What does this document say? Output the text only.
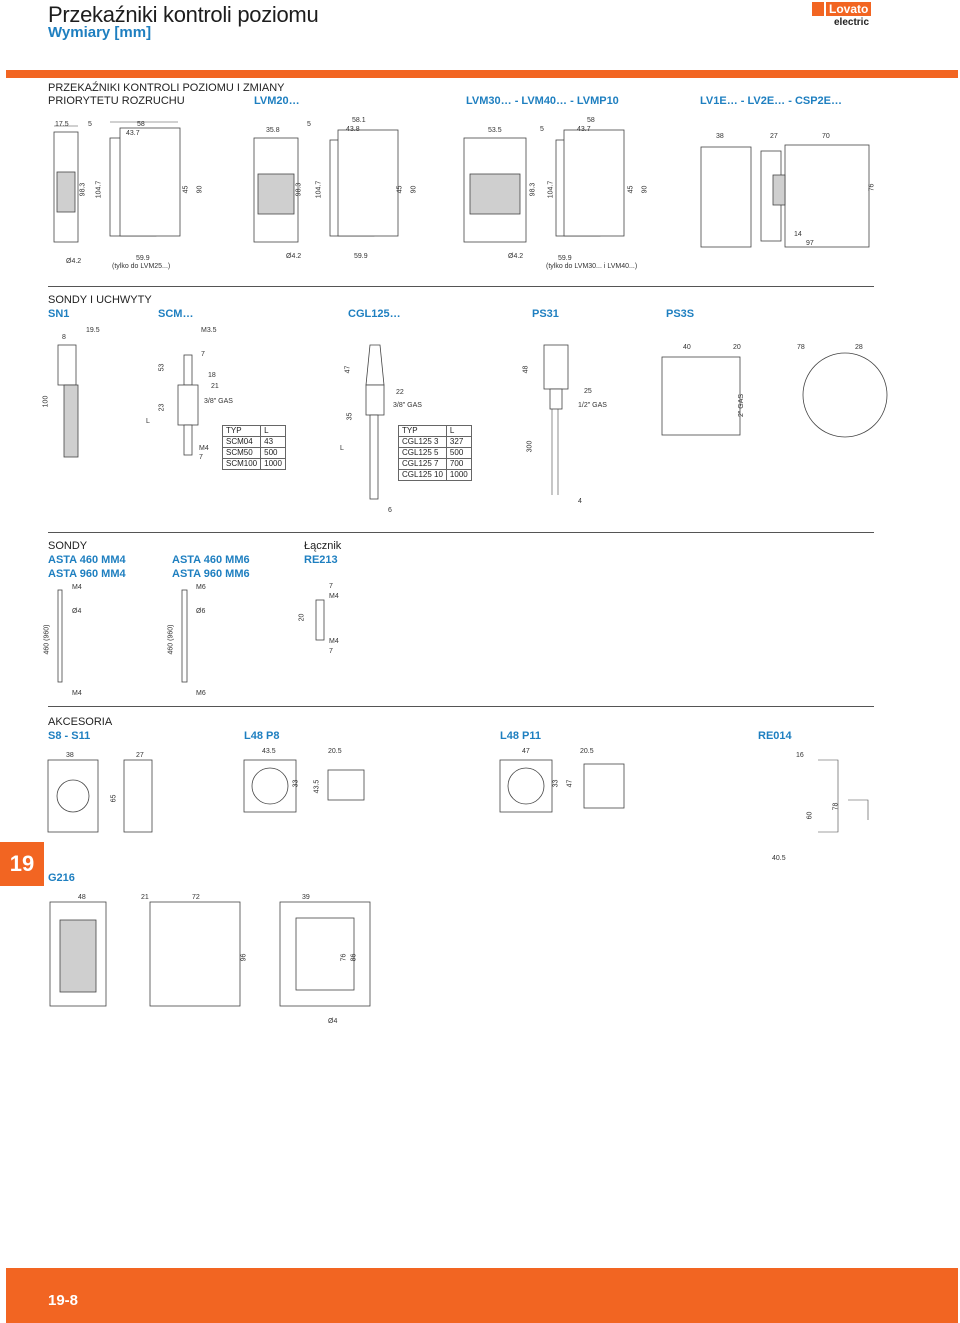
Przekaźniki kontroli poziomu
Wymiary [mm]
Lovato
electric
PRZEKAŹNIKI KONTROLI POZIOMU I ZMIANY
PRIORYTETU ROZRUCHU	LVM20…	LVM30… - LVM40… - LVMP10	LV1E… - LV2E… - CSP2E…
17.5	5	58
43.7
98.3 104.7	45 90
Ø4.2	59.9
(tylko do LVM25...)
35.8
5
58.1
43.8
98.3 104.7	45 90
Ø4.2	59.9
53.5	5
58
43.7
98.3 104.7	45 90
Ø4.2	59.9
(tylko do LVM30... i LVM40...)
38	27	70
76
14
97
SONDY I UCHWYTY
SN1	SCM…	CGL125…	PS31	PS3S
8
19.5
100
M3.5
7
53
18
21
23
3/8" GAS
M4
7
L
TYP	L
SCM04	43
SCM50	500
SCM100	1000
47
22
3/8" GAS
35
L
6
TYP	L
CGL125 3	327
CGL125 5	500
CGL125 7	700
CGL125 10	1000
48
25
1/2" GAS
300
4
40	20
2" GAS
78	28
SONDY
ASTA 460 MM4
ASTA 960 MM4
ASTA 460 MM6
ASTA 960 MM6
Łącznik
RE213
M4
Ø4
460 (960)
M4
M6
Ø6
460 (960)
M6
7
M4
20
M4
7
AKCESORIA
S8 - S11	L48 P8	L48 P11	RE014
G216
38	27
65
43.5	20.5
33 43.5
47	20.5
33 47
16
60
78
40.5
48	21	72
96
39
76 86
Ø4
19
19-8
